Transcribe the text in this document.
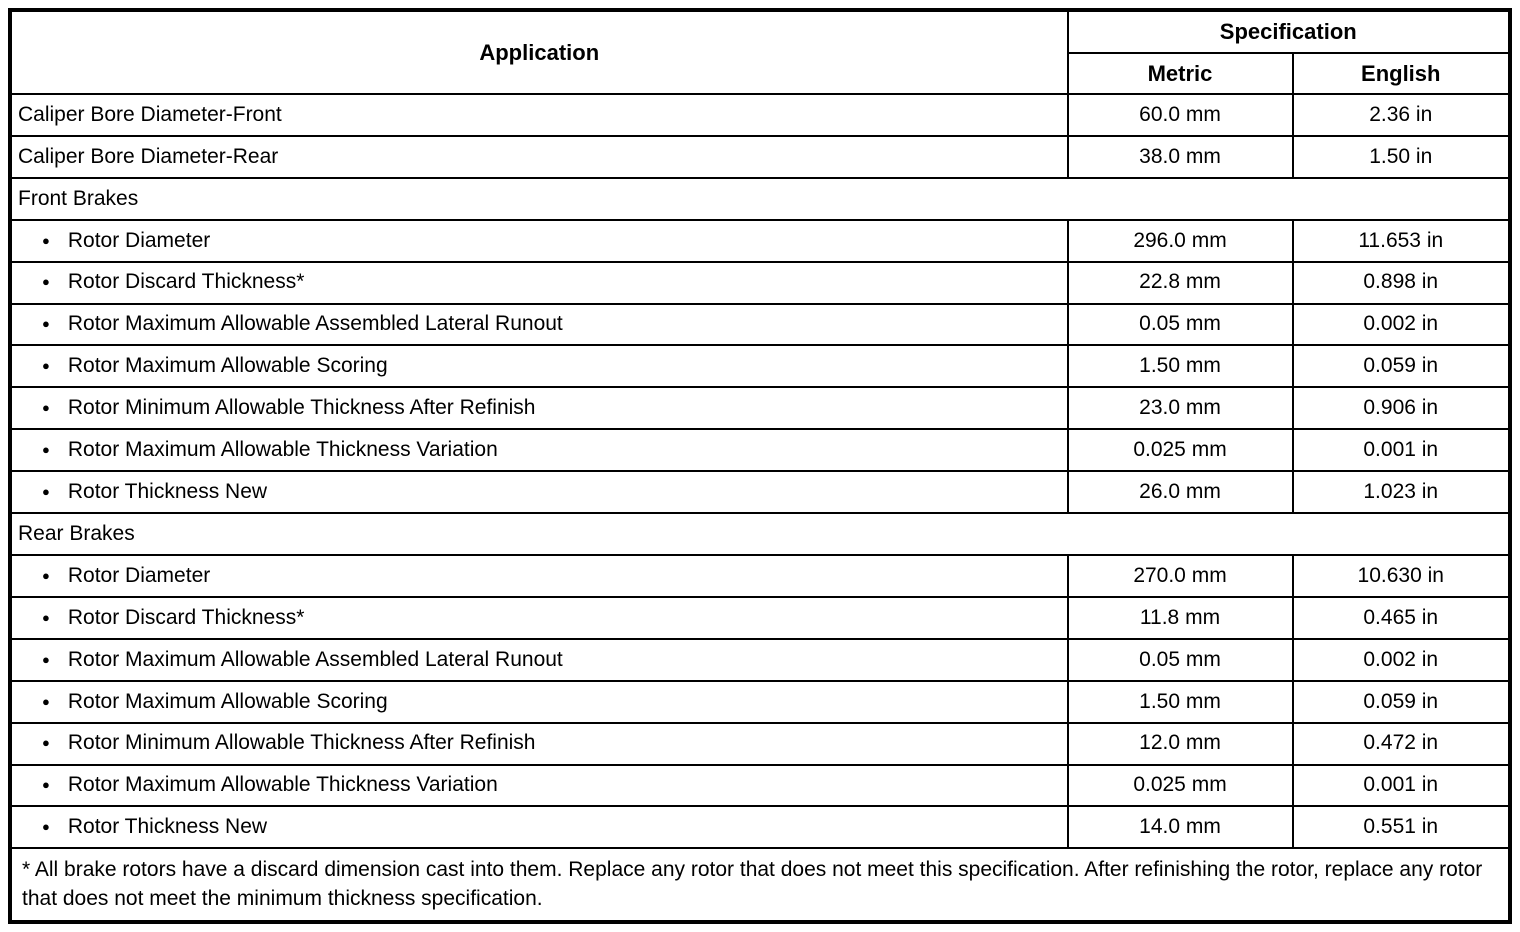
Application	Specification	
	Metric	English
Caliper Bore Diameter-Front	60.0 mm	2.36 in
Caliper Bore Diameter-Rear	38.0 mm	1.50 in
Front Brakes		
● Rotor Diameter	296.0 mm	11.653 in
● Rotor Discard Thickness*	22.8 mm	0.898 in
● Rotor Maximum Allowable Assembled Lateral Runout	0.05 mm	0.002 in
● Rotor Maximum Allowable Scoring	1.50 mm	0.059 in
● Rotor Minimum Allowable Thickness After Refinish	23.0 mm	0.906 in
● Rotor Maximum Allowable Thickness Variation	0.025 mm	0.001 in
● Rotor Thickness New	26.0 mm	1.023 in
Rear Brakes		
● Rotor Diameter	270.0 mm	10.630 in
● Rotor Discard Thickness*	11.8 mm	0.465 in
● Rotor Maximum Allowable Assembled Lateral Runout	0.05 mm	0.002 in
● Rotor Maximum Allowable Scoring	1.50 mm	0.059 in
● Rotor Minimum Allowable Thickness After Refinish	12.0 mm	0.472 in
● Rotor Maximum Allowable Thickness Variation	0.025 mm	0.001 in
● Rotor Thickness New	14.0 mm	0.551 in
* All brake rotors have a discard dimension cast into them. Replace any rotor that does not meet this specification. After refinishing the rotor, replace any rotor that does not meet the minimum thickness specification.		
